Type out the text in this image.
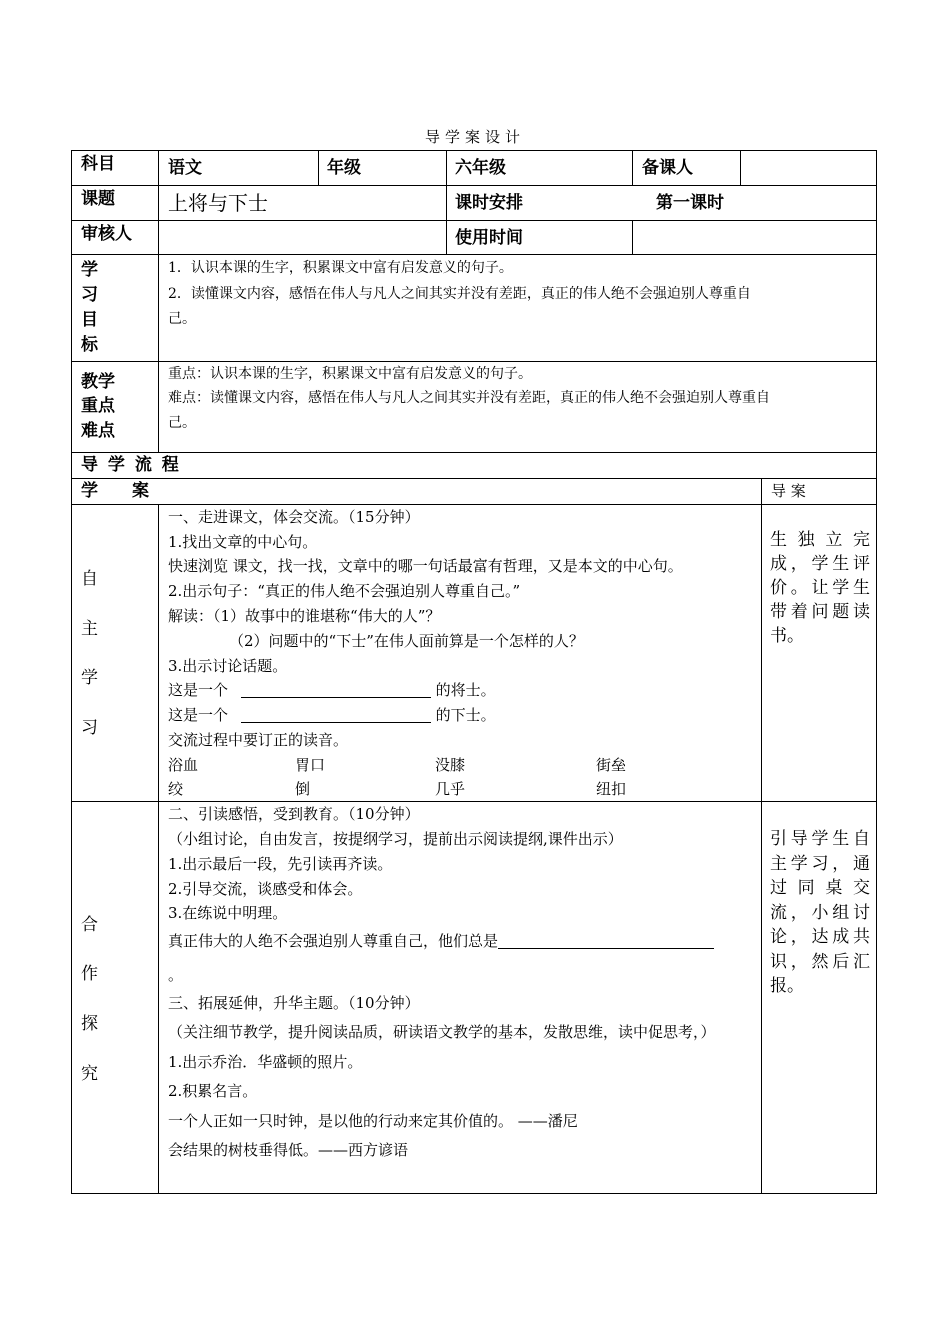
导学案设计
科目	语文	年级	六年级	备课人
课题	上将与下士	课时安排	第一课时
审核人	使用时间
学
习
目
标
1．认识本课的生字，积累课文中富有启发意义的句子。
2．读懂课文内容，感悟在伟人与凡人之间其实并没有差距，真正的伟人绝不会强迫别人尊重自
己。
教学
重点
难点
重点：认识本课的生字，积累课文中富有启发意义的句子。
难点：读懂课文内容，感悟在伟人与凡人之间其实并没有差距，真正的伟人绝不会强迫别人尊重自
己。
导 学 流 程
学　　案	导 案
自
主
学
习
一、走进课文，体会交流。（15分钟）
1.找出文章的中心句。
快速浏览 课文，找一找，文章中的哪一句话最富有哲理，又是本文的中心句。
2.出示句子：“真正的伟人绝不会强迫别人尊重自己。”
解读：（1）故事中的谁堪称“伟大的人”？
（2）问题中的“下士”在伟人面前算是一个怎样的人？
3.出示讨论话题。
这是一个	的将士。
这是一个	的下士。
交流过程中要订正的读音。
浴血	胃口	没膝	街垒
绞	倒	几乎	纽扣
生独立完成，学生评价。让学生带着问题读书。
合
作
探
究
二、引读感悟，受到教育。（10分钟）
（小组讨论，自由发言，按提纲学习，提前出示阅读提纲,课件出示）
1.出示最后一段，先引读再齐读。
2.引导交流，谈感受和体会。
3.在练说中明理。
真正伟大的人绝不会强迫别人尊重自己，他们总是
。
三、拓展延伸，升华主题。（10分钟）
（关注细节教学，提升阅读品质，研读语文教学的基本，发散思维，读中促思考，）
1.出示乔治．华盛顿的照片。
2.积累名言。
一个人正如一只时钟，是以他的行动来定其价值的。 ——潘尼
会结果的树枝垂得低。——西方谚语
引导学生自主学习，通过同桌交流，小组讨论，达成共识，然后汇报。
